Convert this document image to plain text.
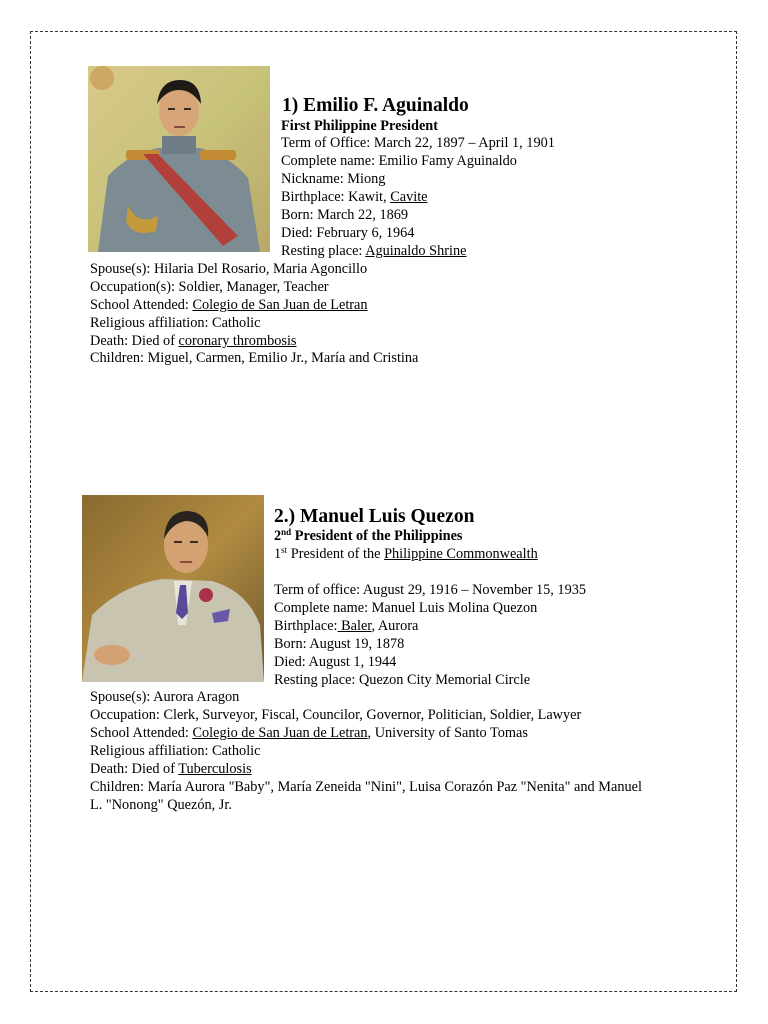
1) Emilio F. Aguinaldo
First Philippine President
Term of Office: March 22, 1897 – April 1, 1901
Complete name: Emilio Famy Aguinaldo
Nickname: Miong
Birthplace: Kawit, Cavite
Born: March 22, 1869
Died: February 6, 1964
Resting place: Aguinaldo Shrine
Spouse(s): Hilaria Del Rosario, Maria Agoncillo
Occupation(s): Soldier, Manager, Teacher
School Attended: Colegio de San Juan de Letran
Religious affiliation: Catholic
Death: Died of coronary thrombosis
Children: Miguel, Carmen, Emilio Jr., María and Cristina
2.) Manuel Luis Quezon
2nd President of the Philippines
1st President of the Philippine Commonwealth
Term of office: August 29, 1916 – November 15, 1935
Complete name: Manuel Luis Molina Quezon
Birthplace: Baler, Aurora
Born: August 19, 1878
Died: August 1, 1944
Resting place: Quezon City Memorial Circle
Spouse(s): Aurora Aragon
Occupation: Clerk, Surveyor, Fiscal, Councilor, Governor, Politician, Soldier, Lawyer
School Attended: Colegio de San Juan de Letran, University of Santo Tomas
Religious affiliation: Catholic
Death: Died of Tuberculosis
Children: María Aurora "Baby", María Zeneida "Nini", Luisa Corazón Paz "Nenita" and Manuel
L. "Nonong" Quezón, Jr.
